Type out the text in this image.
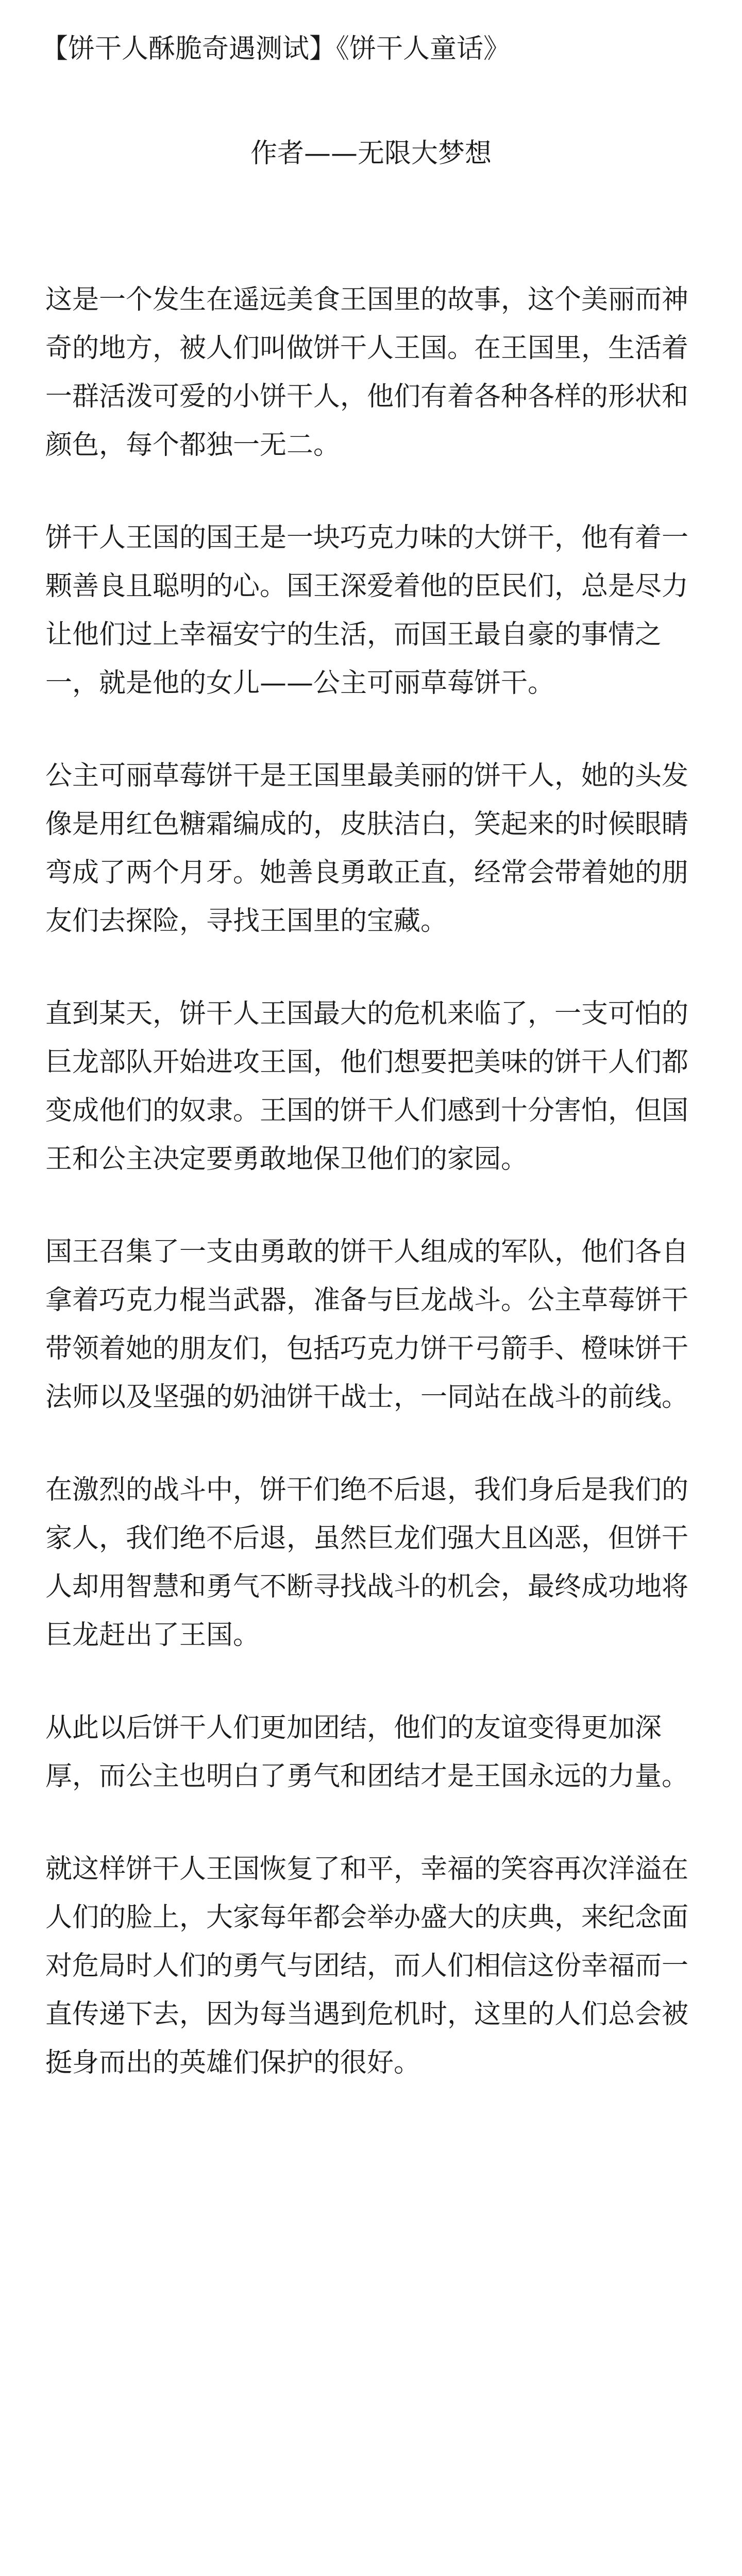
【饼干人酥脆奇遇测试】《饼干人童话》
作者——无限大梦想

这是一个发生在遥远美食王国里的故事，这个美丽而神奇的地方，被人们叫做饼干人王国。在王国里，生活着一群活泼可爱的小饼干人，他们有着各种各样的形状和颜色，每个都独一无二。

饼干人王国的国王是一块巧克力味的大饼干，他有着一颗善良且聪明的心。国王深爱着他的臣民们，总是尽力让他们过上幸福安宁的生活，而国王最自豪的事情之一，就是他的女儿——公主可丽草莓饼干。

公主可丽草莓饼干是王国里最美丽的饼干人，她的头发像是用红色糖霜编成的，皮肤洁白，笑起来的时候眼睛弯成了两个月牙。她善良勇敢正直，经常会带着她的朋友们去探险，寻找王国里的宝藏。

直到某天，饼干人王国最大的危机来临了，一支可怕的巨龙部队开始进攻王国，他们想要把美味的饼干人们都变成他们的奴隶。王国的饼干人们感到十分害怕，但国王和公主决定要勇敢地保卫他们的家园。

国王召集了一支由勇敢的饼干人组成的军队，他们各自拿着巧克力棍当武器，准备与巨龙战斗。公主草莓饼干带领着她的朋友们，包括巧克力饼干弓箭手、橙味饼干法师以及坚强的奶油饼干战士，一同站在战斗的前线。

在激烈的战斗中，饼干们绝不后退，我们身后是我们的家人，我们绝不后退，虽然巨龙们强大且凶恶，但饼干人却用智慧和勇气不断寻找战斗的机会，最终成功地将巨龙赶出了王国。

从此以后饼干人们更加团结，他们的友谊变得更加深厚，而公主也明白了勇气和团结才是王国永远的力量。

就这样饼干人王国恢复了和平，幸福的笑容再次洋溢在人们的脸上，大家每年都会举办盛大的庆典，来纪念面对危局时人们的勇气与团结，而人们相信这份幸福而一直传递下去，因为每当遇到危机时，这里的人们总会被挺身而出的英雄们保护的很好。
